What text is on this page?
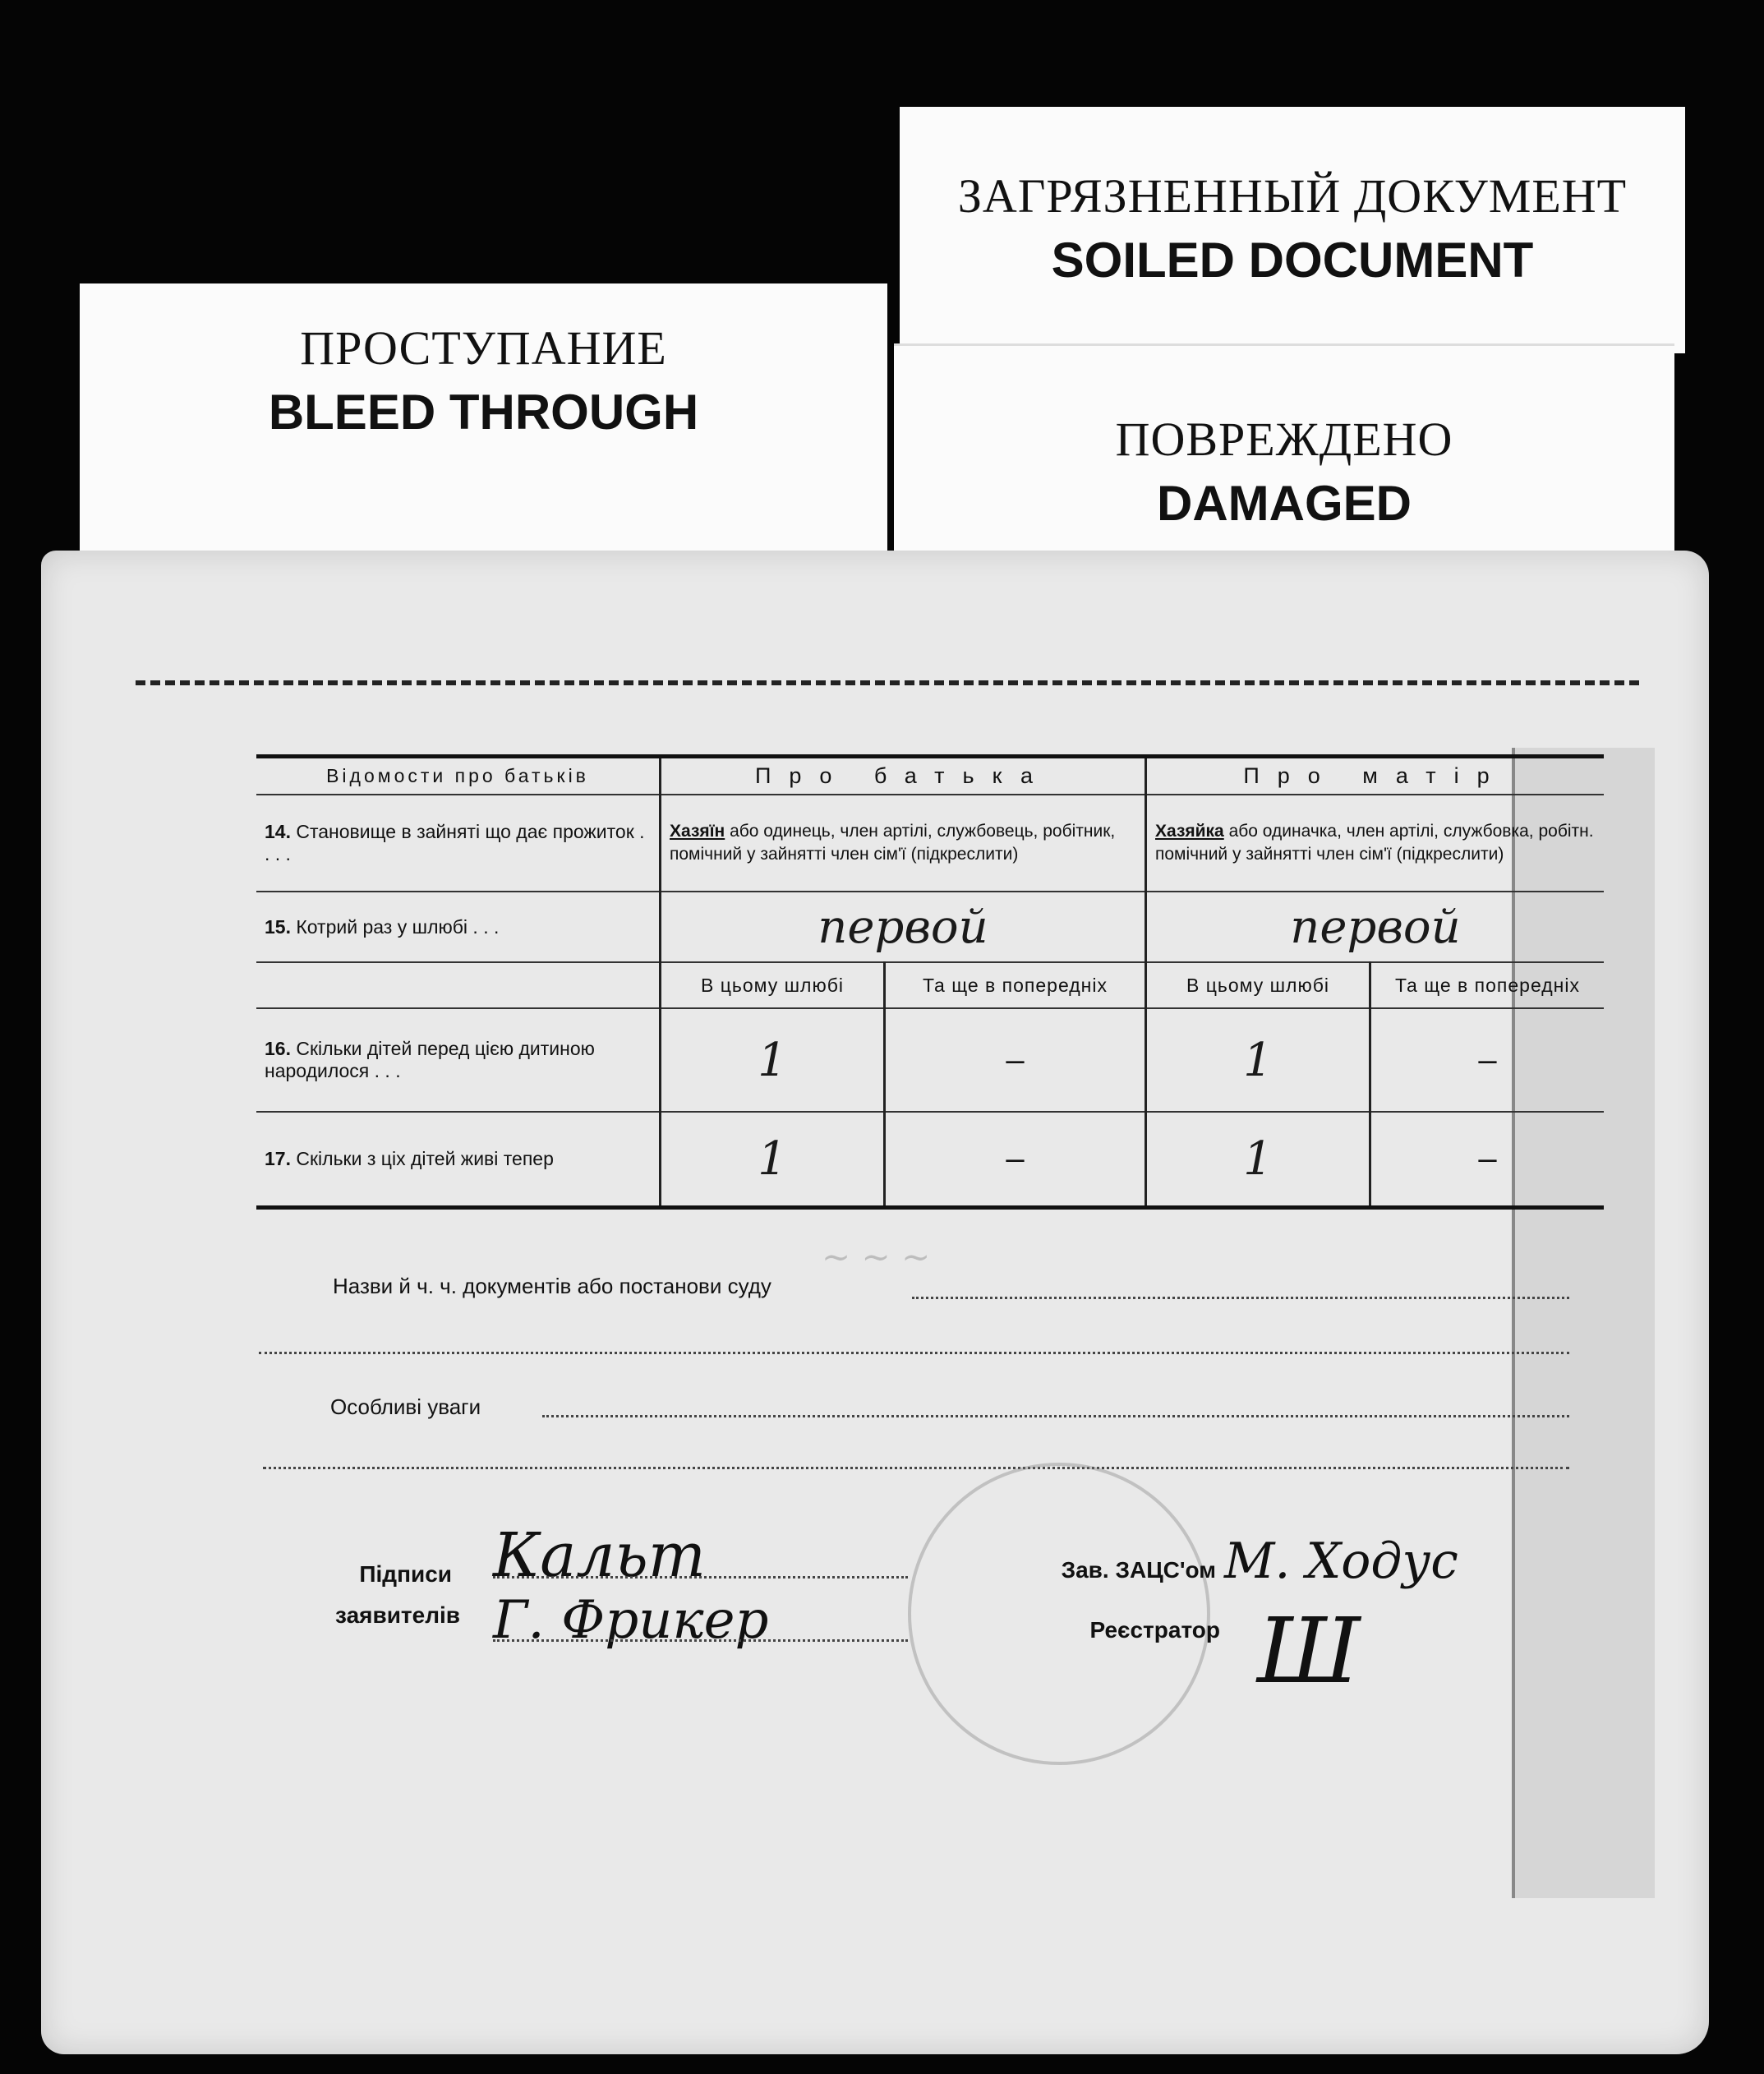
ПРОСТУПАНИЕ
BLEED THROUGH
ЗАГРЯЗНЕННЫЙ ДОКУМЕНТ
SOILED DOCUMENT
ПОВРЕЖДЕНО
DAMAGED
Відомости про батьків	Про батька		Про матір	
14. Становище в зайняті що дає прожиток . . . .	Хазяїн або одинець, член артілі, службовець, робітник, помічний у зайнятті член сім'ї (підкреслити)		Хазяйка або одиначка, член артілі, службовка, робітн. помічний у зайнятті член сім'ї (підкреслити)	
15. Котрий раз у шлюбі . . .	первой		первой	
	В цьому шлюбі	Та ще в попередніх	В цьому шлюбі	Та ще в попередніх
16. Скільки дітей перед цією дитиною народилося . . .	1	–	1	–
17. Скільки з ціх дітей живі тепер	1	–	1	–
~ ~ ~
Назви й ч. ч. документів або постанови суду
Особливі уваги
Підписи
заявителів
Кальт
Г. Фрикер
Зав. ЗАЦС'ом М. Ходус
Реєстратор Ш
